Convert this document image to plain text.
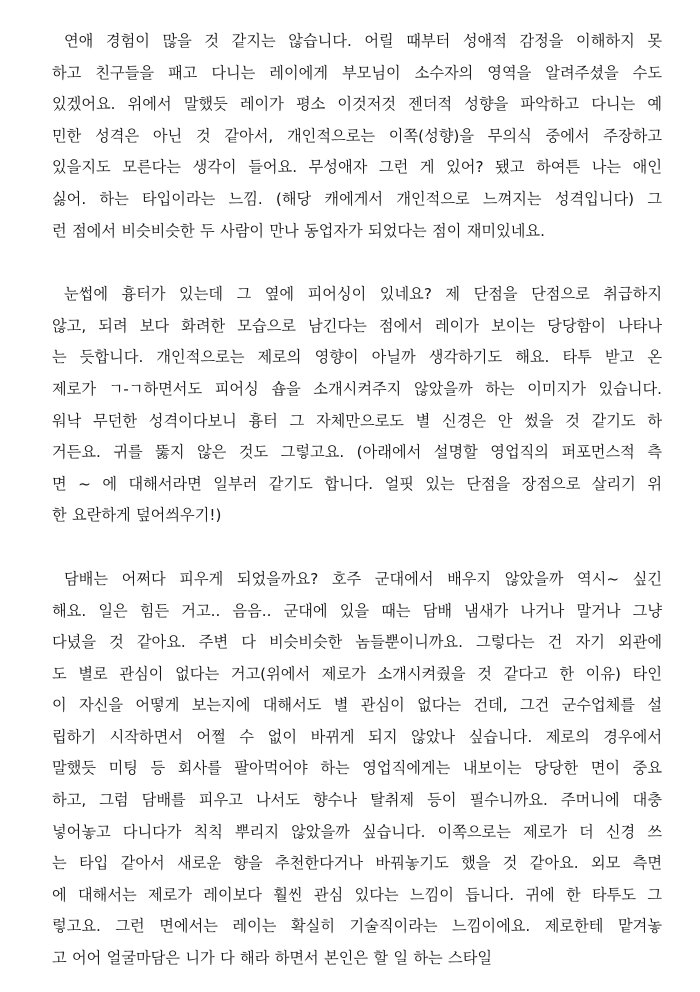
연애 경험이 많을 것 같지는 않습니다. 어릴 때부터 성애적 감정을 이해하지 못
하고 친구들을 패고 다니는 레이에게 부모님이 소수자의 영역을 알려주셨을 수도
있겠어요. 위에서 말했듯 레이가 평소 이것저것 젠더적 성향을 파악하고 다니는 예
민한 성격은 아닌 것 같아서, 개인적으로는 이쪽(성향)을 무의식 중에서 주장하고
있을지도 모른다는 생각이 들어요. 무성애자 그런 게 있어? 됐고 하여튼 나는 애인
싫어. 하는 타입이라는 느낌. (해당 캐에게서 개인적으로 느껴지는 성격입니다) 그
런 점에서 비슷비슷한 두 사람이 만나 동업자가 되었다는 점이 재미있네요.
눈썹에 흉터가 있는데 그 옆에 피어싱이 있네요? 제 단점을 단점으로 취급하지
않고, 되려 보다 화려한 모습으로 남긴다는 점에서 레이가 보이는 당당함이 나타나
는 듯합니다. 개인적으로는 제로의 영향이 아닐까 생각하기도 해요. 타투 받고 온
제로가 ㄱ-ㄱ하면서도 피어싱 숍을 소개시켜주지 않았을까 하는 이미지가 있습니다.
워낙 무던한 성격이다보니 흉터 그 자체만으로도 별 신경은 안 썼을 것 같기도 하
거든요. 귀를 뚫지 않은 것도 그렇고요. (아래에서 설명할 영업직의 퍼포먼스적 측
면 ~ 에 대해서라면 일부러 같기도 합니다. 얼핏 있는 단점을 장점으로 살리기 위
한 요란하게 덮어씌우기!)
담배는 어쩌다 피우게 되었을까요? 호주 군대에서 배우지 않았을까 역시~ 싶긴
해요. 일은 힘든 거고.. 음음.. 군대에 있을 때는 담배 냄새가 나거나 말거나 그냥
다녔을 것 같아요. 주변 다 비슷비슷한 놈들뿐이니까요. 그렇다는 건 자기 외관에
도 별로 관심이 없다는 거고(위에서 제로가 소개시켜줬을 것 같다고 한 이유) 타인
이 자신을 어떻게 보는지에 대해서도 별 관심이 없다는 건데, 그건 군수업체를 설
립하기 시작하면서 어쩔 수 없이 바뀌게 되지 않았나 싶습니다. 제로의 경우에서
말했듯 미팅 등 회사를 팔아먹어야 하는 영업직에게는 내보이는 당당한 면이 중요
하고, 그럼 담배를 피우고 나서도 향수나 탈취제 등이 필수니까요. 주머니에 대충
넣어놓고 다니다가 칙칙 뿌리지 않았을까 싶습니다. 이쪽으로는 제로가 더 신경 쓰
는 타입 같아서 새로운 향을 추천한다거나 바꿔놓기도 했을 것 같아요. 외모 측면
에 대해서는 제로가 레이보다 훨씬 관심 있다는 느낌이 듭니다. 귀에 한 타투도 그
렇고요. 그런 면에서는 레이는 확실히 기술직이라는 느낌이에요. 제로한테 맡겨놓
고 어어 얼굴마담은 니가 다 해라 하면서 본인은 할 일 하는 스타일
